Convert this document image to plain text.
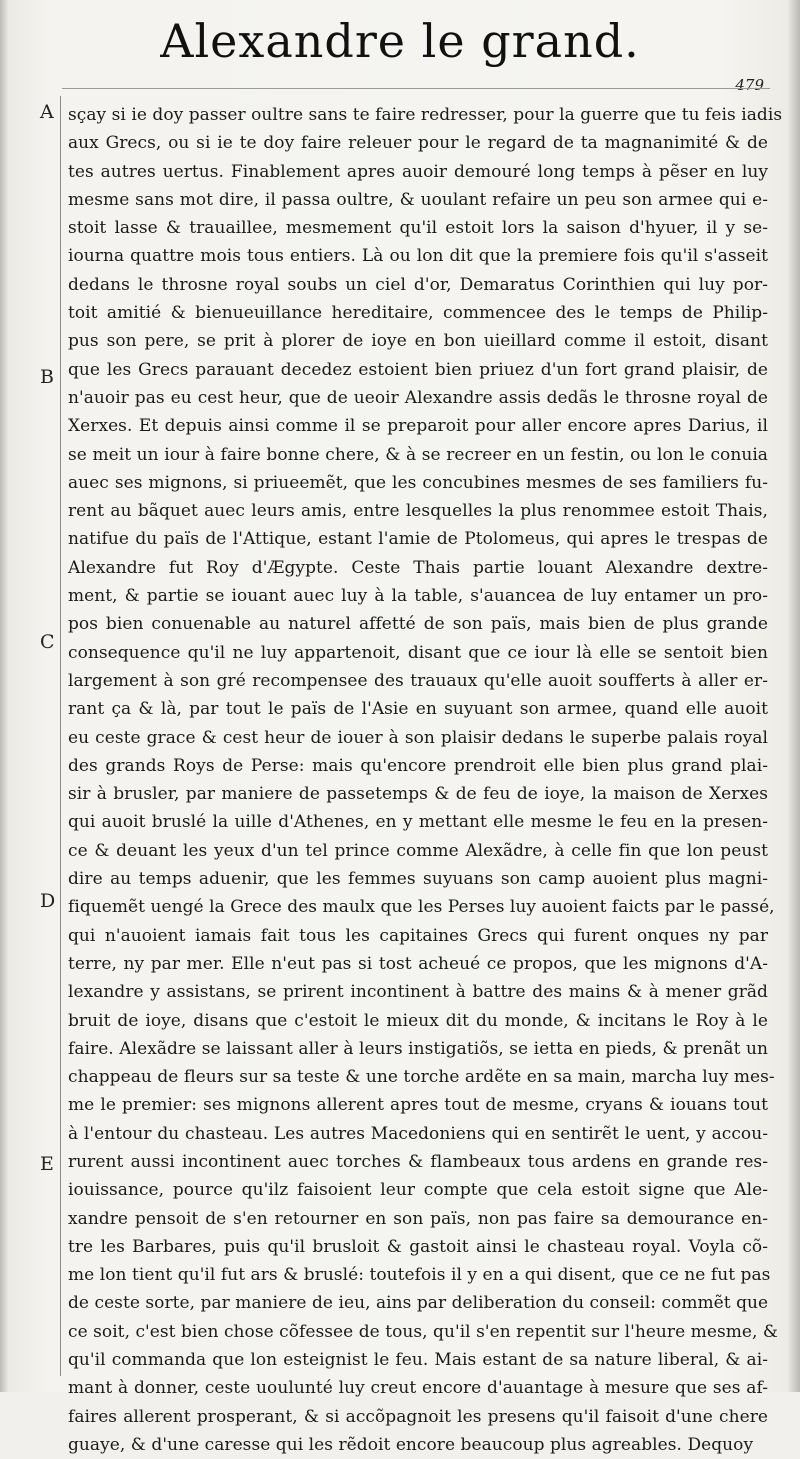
Alexandre le grand.
479
A
B
C
D
E
sçay si ie doy passer oultre sans te faire redresser, pour la guerre que tu feis iadis
aux Grecs, ou si ie te doy faire releuer pour le regard de ta magnanimité & de
tes autres uertus. Finablement apres auoir demouré long temps à pẽser en luy
mesme sans mot dire, il passa oultre, & uoulant refaire un peu son armee qui e-
stoit lasse & trauaillee, mesmement qu'il estoit lors la saison d'hyuer, il y se-
iourna quattre mois tous entiers. Là ou lon dit que la premiere fois qu'il s'asseit
dedans le throsne royal soubs un ciel d'or, Demaratus Corinthien qui luy por-
toit amitié & bienueuillance hereditaire, commencee des le temps de Philip-
pus son pere, se prit à plorer de ioye en bon uieillard comme il estoit, disant
que les Grecs parauant decedez estoient bien priuez d'un fort grand plaisir, de
n'auoir pas eu cest heur, que de ueoir Alexandre assis dedãs le throsne royal de
Xerxes. Et depuis ainsi comme il se preparoit pour aller encore apres Darius, il
se meit un iour à faire bonne chere, & à se recreer en un festin, ou lon le conuia
auec ses mignons, si priueemẽt, que les concubines mesmes de ses familiers fu-
rent au bãquet auec leurs amis, entre lesquelles la plus renommee estoit Thais,
natifue du païs de l'Attique, estant l'amie de Ptolomeus, qui apres le trespas de
Alexandre fut Roy d'Ægypte. Ceste Thais partie louant Alexandre dextre-
ment, & partie se iouant auec luy à la table, s'auancea de luy entamer un pro-
pos bien conuenable au naturel affetté de son païs, mais bien de plus grande
consequence qu'il ne luy appartenoit, disant que ce iour là elle se sentoit bien
largement à son gré recompensee des trauaux qu'elle auoit soufferts à aller er-
rant ça & là, par tout le païs de l'Asie en suyuant son armee, quand elle auoit
eu ceste grace & cest heur de iouer à son plaisir dedans le superbe palais royal
des grands Roys de Perse: mais qu'encore prendroit elle bien plus grand plai-
sir à brusler, par maniere de passetemps & de feu de ioye, la maison de Xerxes
qui auoit bruslé la uille d'Athenes, en y mettant elle mesme le feu en la presen-
ce & deuant les yeux d'un tel prince comme Alexãdre, à celle fin que lon peust
dire au temps aduenir, que les femmes suyuans son camp auoient plus magni-
fiquemẽt uengé la Grece des maulx que les Perses luy auoient faicts par le passé,
qui n'auoient iamais fait tous les capitaines Grecs qui furent onques ny par
terre, ny par mer. Elle n'eut pas si tost acheué ce propos, que les mignons d'A-
lexandre y assistans, se prirent incontinent à battre des mains & à mener grãd
bruit de ioye, disans que c'estoit le mieux dit du monde, & incitans le Roy à le
faire. Alexãdre se laissant aller à leurs instigatiõs, se ietta en pieds, & prenãt un
chappeau de fleurs sur sa teste & une torche ardẽte en sa main, marcha luy mes-
me le premier: ses mignons allerent apres tout de mesme, cryans & iouans tout
à l'entour du chasteau. Les autres Macedoniens qui en sentirẽt le uent, y accou-
rurent aussi incontinent auec torches & flambeaux tous ardens en grande res-
iouissance, pource qu'ilz faisoient leur compte que cela estoit signe que Ale-
xandre pensoit de s'en retourner en son païs, non pas faire sa demourance en-
tre les Barbares, puis qu'il brusloit & gastoit ainsi le chasteau royal. Voyla cõ-
me lon tient qu'il fut ars & bruslé: toutefois il y en a qui disent, que ce ne fut pas
de ceste sorte, par maniere de ieu, ains par deliberation du conseil: commẽt que
ce soit, c'est bien chose cõfessee de tous, qu'il s'en repentit sur l'heure mesme, &
qu'il commanda que lon esteignist le feu. Mais estant de sa nature liberal, & ai-
mant à donner, ceste uoulunté luy creut encore d'auantage à mesure que ses af-
faires allerent prosperant, & si accõpagnoit les presens qu'il faisoit d'une chere
guaye, & d'une caresse qui les rẽdoit encore beaucoup plus agreables. Dequoy
